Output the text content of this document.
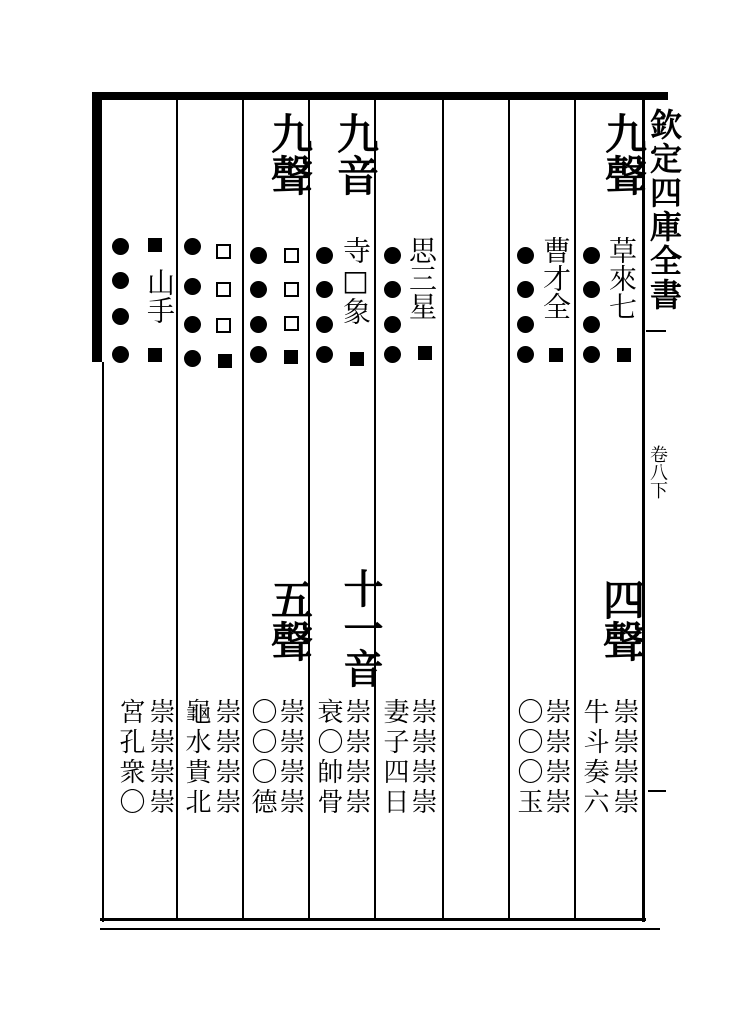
欽定四庫全書
卷八下
九聲
草來七
四聲
崇崇崇崇
牛斗奏六
曹才全
崇崇崇崇
〇〇〇玉
思三星
崇崇崇崇
妻子四日
九音
寺□象
十一音
崇崇崇崇
衰〇帥骨
九聲
五聲
崇崇崇崇
〇〇〇德
崇崇崇崇
龜水貴北
山手
崇崇崇崇
宮孔衆〇
